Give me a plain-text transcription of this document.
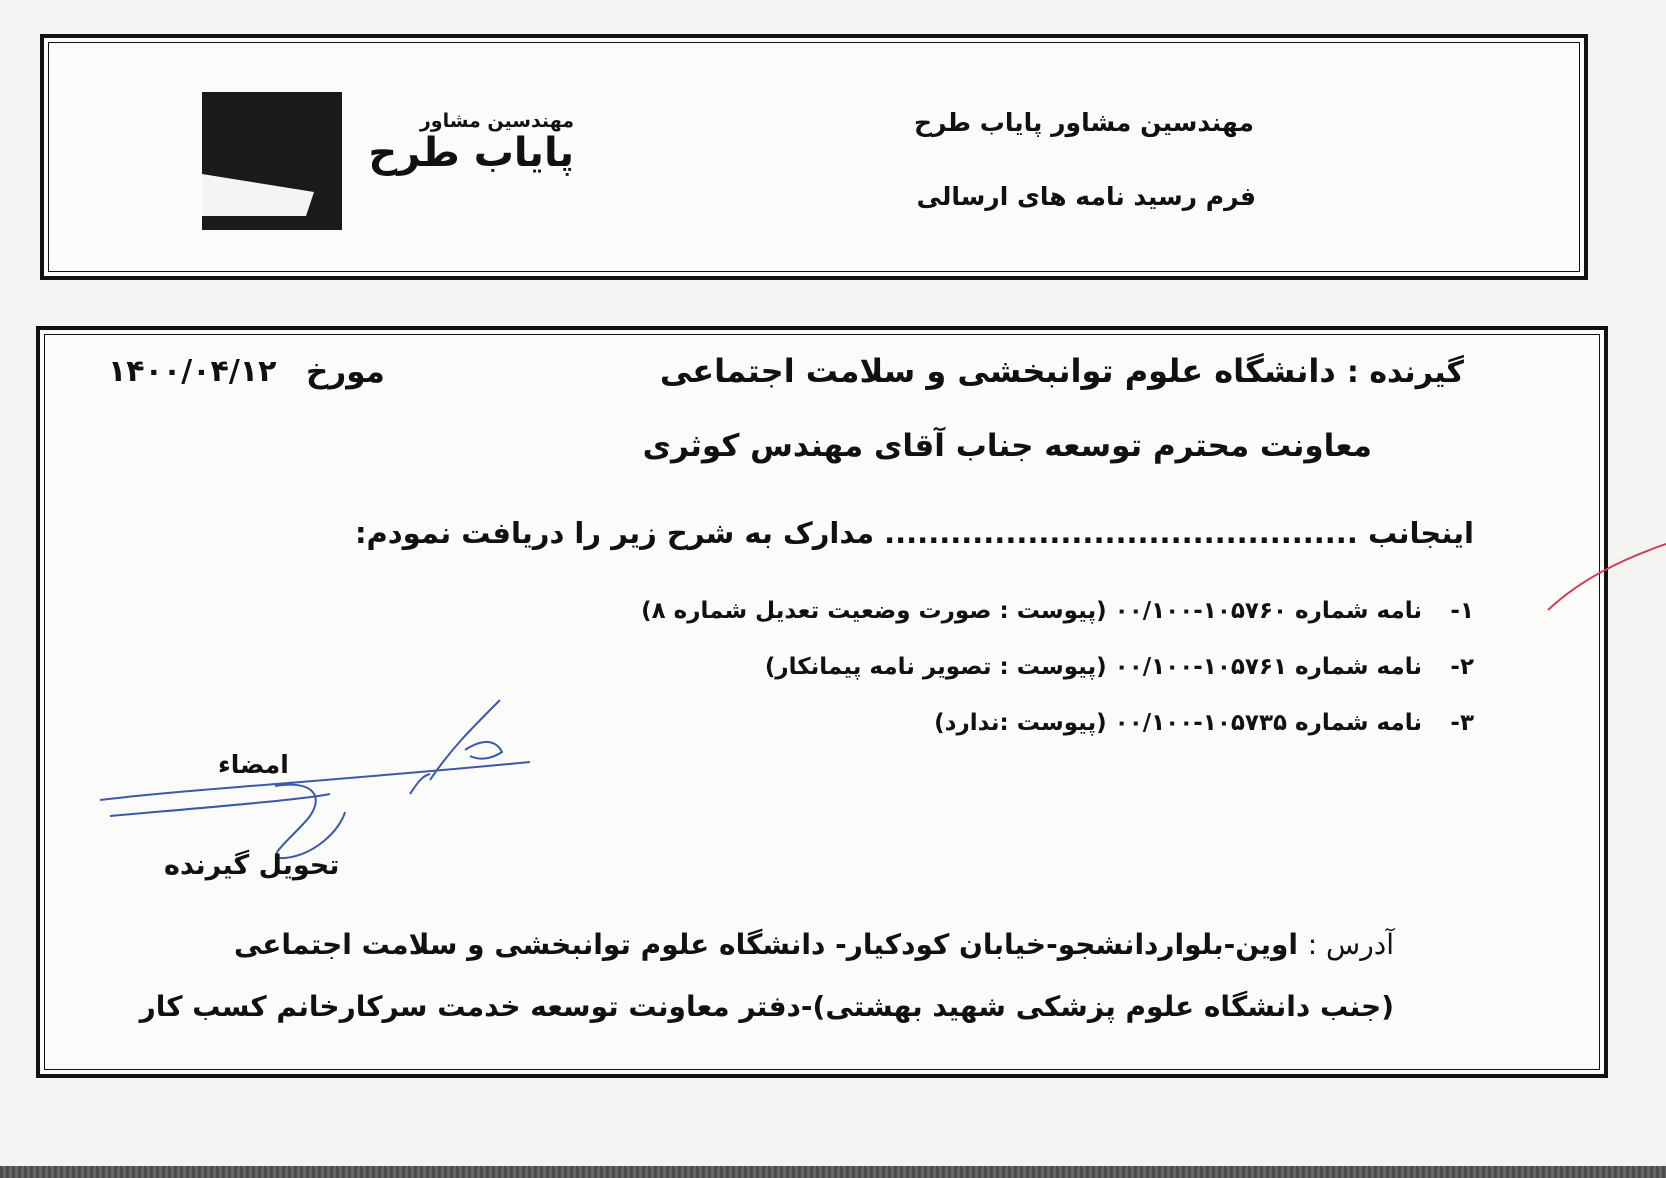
مهندسین مشاور
پایاب طرح
مهندسین مشاور پایاب طرح
فرم رسید نامه های ارسالی
گیرنده : دانشگاه علوم توانبخشی و سلامت اجتماعی
مورخ
۱۴۰۰/۰۴/۱۲
معاونت محترم توسعه جناب آقای مهندس کوثری
اینجانب ........................................... مدارک به شرح زیر را دریافت نمودم:
۱-نامه شماره ۱۰۵۷۶۰-۰۰/۱۰۰ (پیوست : صورت وضعیت تعدیل شماره ۸)
۲-نامه شماره ۱۰۵۷۶۱-۰۰/۱۰۰ (پیوست : تصویر نامه پیمانکار)
۳-نامه شماره ۱۰۵۷۳۵-۰۰/۱۰۰ (پیوست :ندارد)
امضاء
تحویل گیرنده
آدرس : اوین-بلواردانشجو-خیابان کودکیار- دانشگاه علوم توانبخشی و سلامت اجتماعی
(جنب دانشگاه علوم پزشکی شهید بهشتی)-دفتر معاونت توسعه خدمت سرکارخانم کسب کار
